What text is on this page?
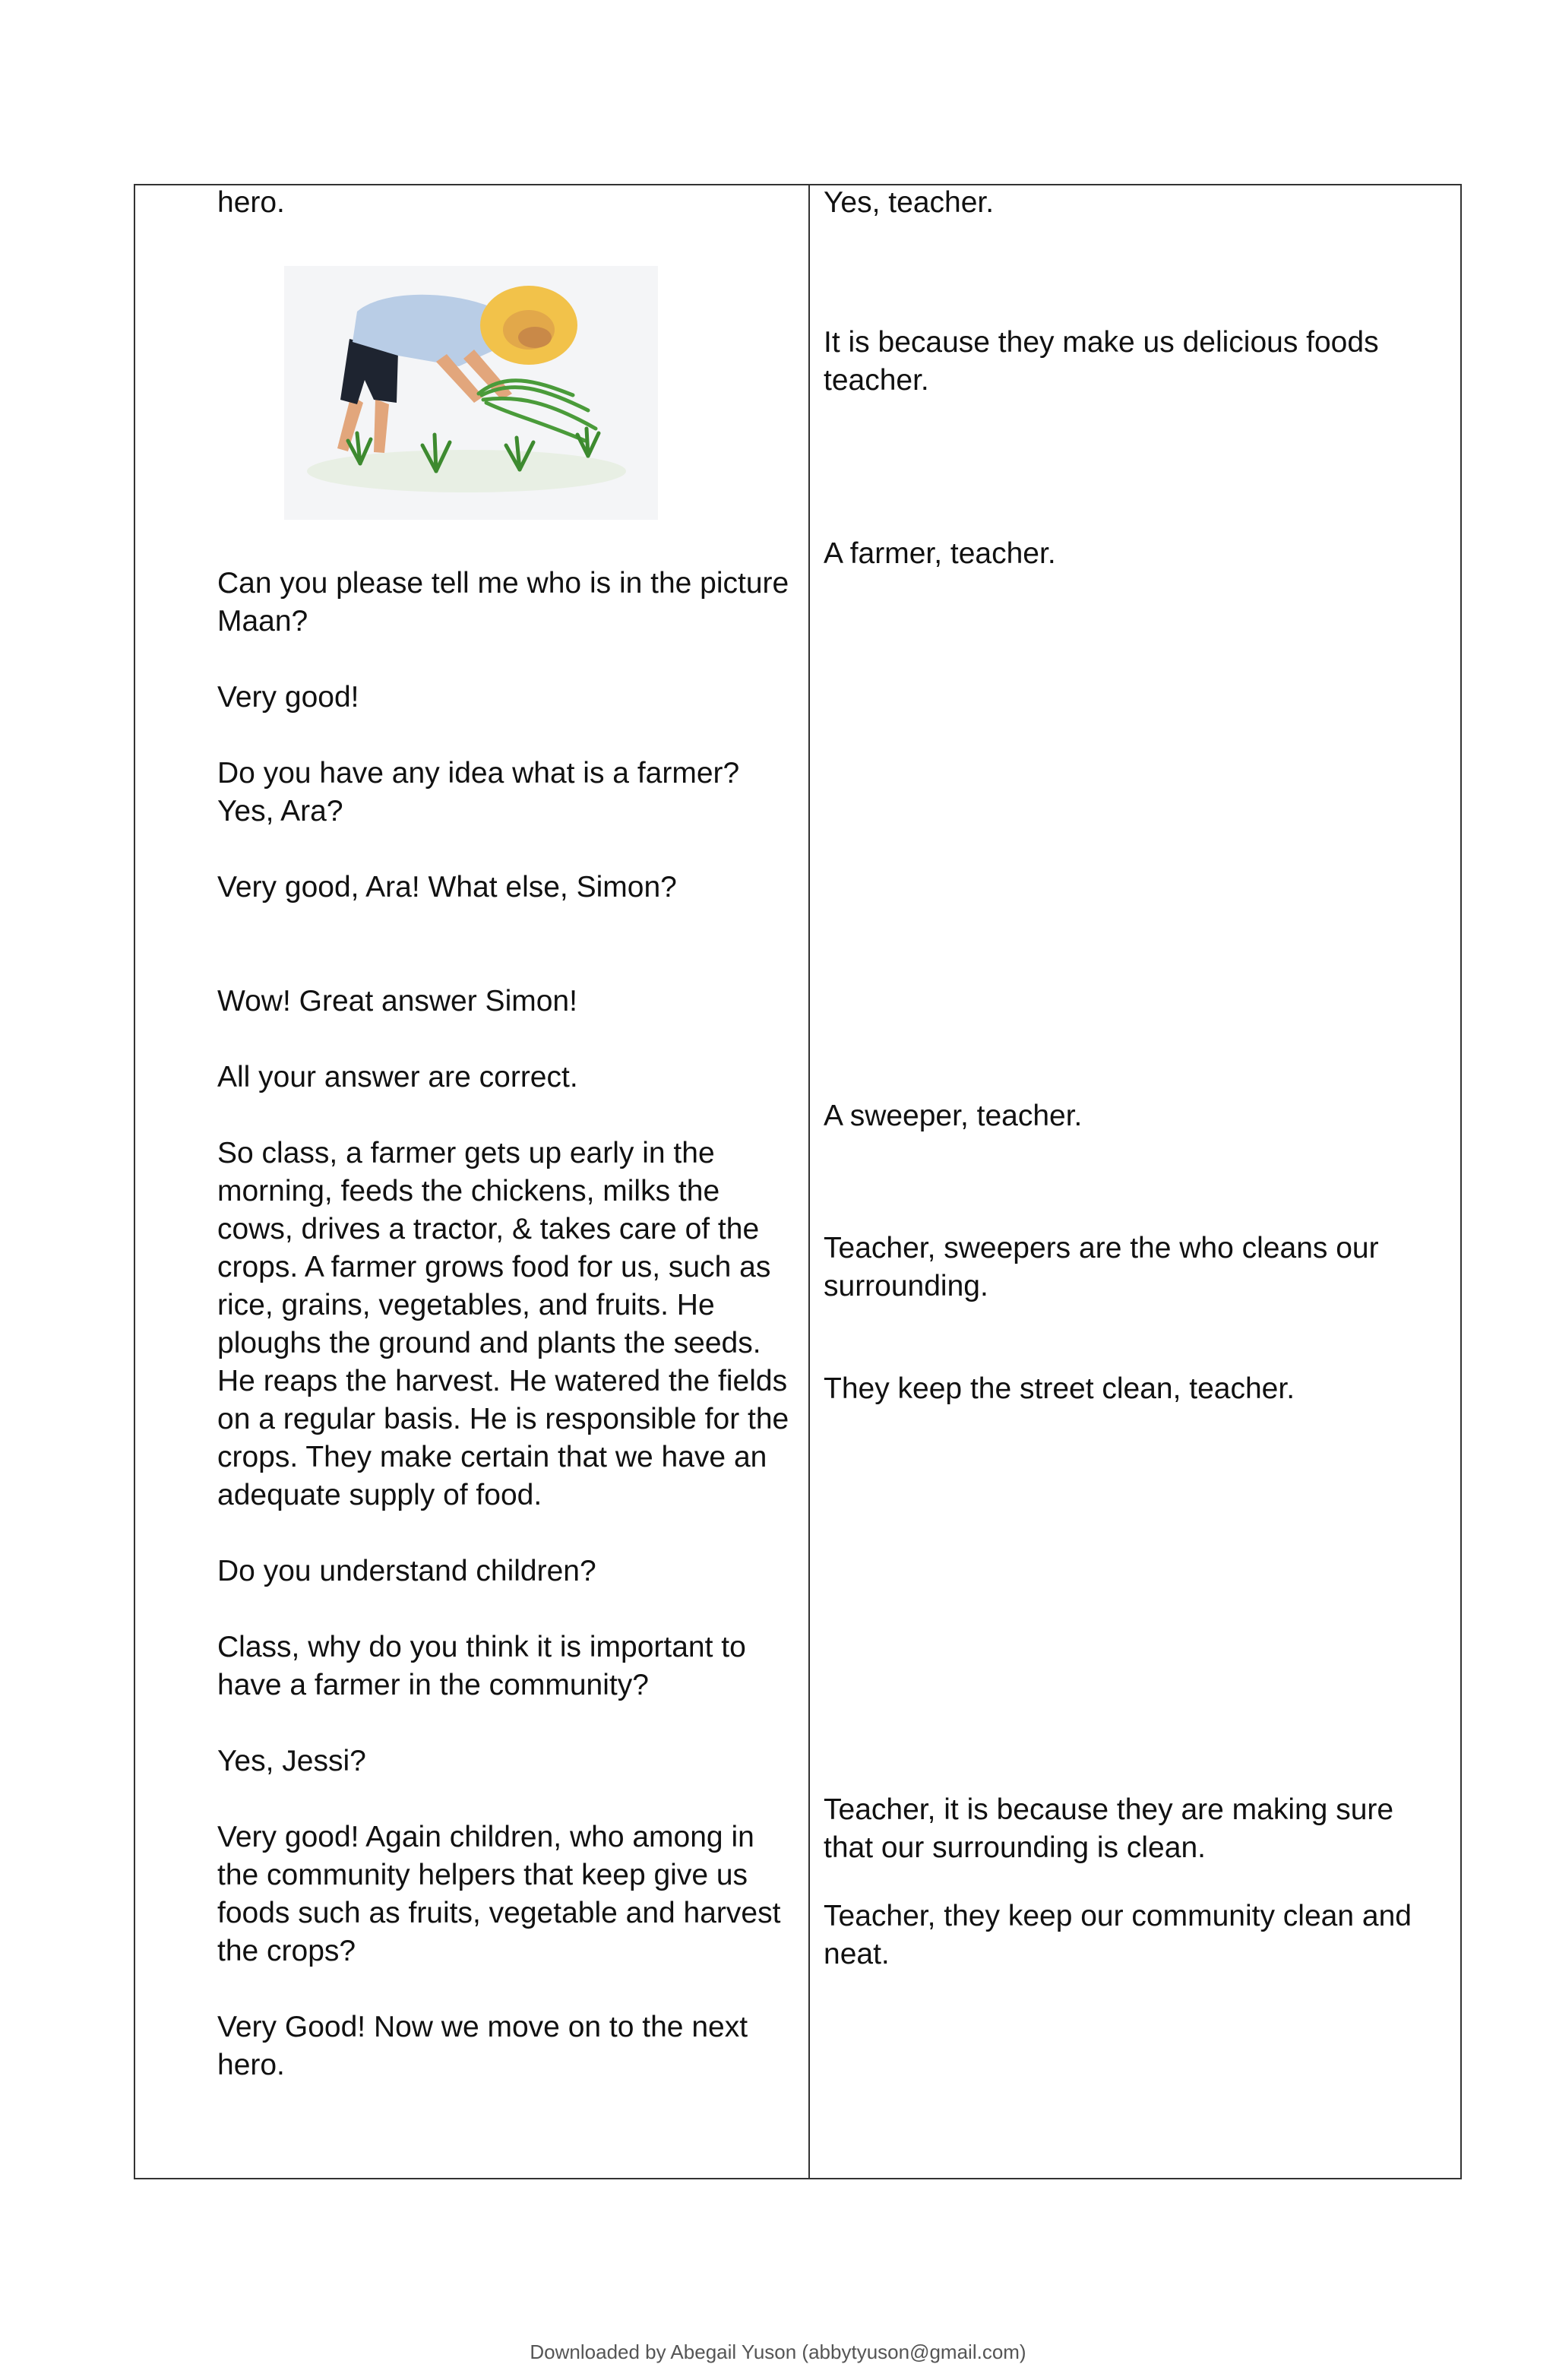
hero.

Can you please tell me who is in the picture Maan?

Very good!

Do you have any idea what is a farmer? Yes, Ara?

Very good, Ara! What else, Simon?

Wow! Great answer Simon!

All your answer are correct.

So class, a farmer gets up early in the morning, feeds the chickens, milks the cows, drives a tractor, & takes care of the crops. A farmer grows food for us, such as rice, grains, vegetables, and fruits. He ploughs the ground and plants the seeds. He reaps the harvest. He watered the fields on a regular basis. He is responsible for the crops. They make certain that we have an adequate supply of food.

Do you understand children?

Class, why do you think it is important to have a farmer in the community?

Yes, Jessi?

Very good! Again children, who among in the community helpers that keep give us foods such as fruits, vegetable and harvest the crops?

Very Good! Now we move on to the next hero.

Yes, teacher.

It is because they make us delicious foods teacher.

A farmer, teacher.

A sweeper, teacher.

Teacher, sweepers are the who cleans our surrounding.

They keep the street clean, teacher.

Teacher, it is because they are making sure that our surrounding is clean.

Teacher, they keep our community clean and neat.

Downloaded by Abegail Yuson (abbytyuson@gmail.com)
